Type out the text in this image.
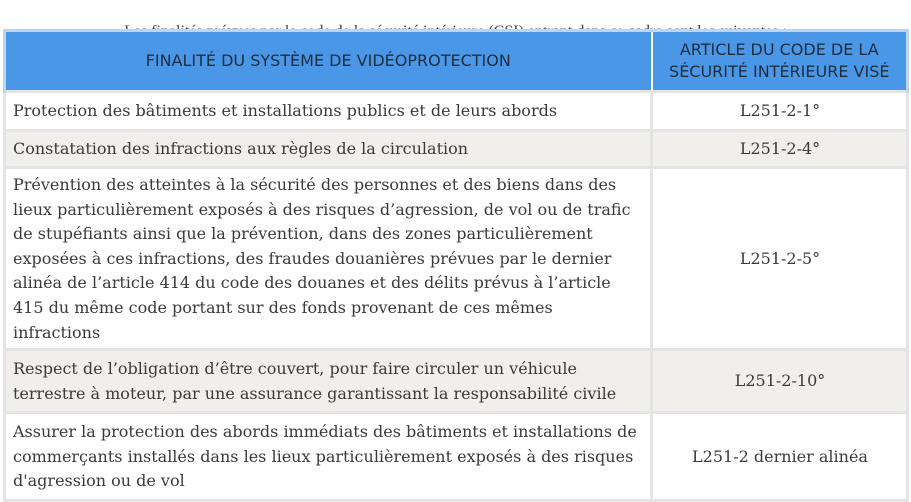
FINALITÉ DU SYSTÈME DE VIDÉOPROTECTION	ARTICLE DU CODE DE LA SÉCURITÉ INTÉRIEURE VISÉ
Protection des bâtiments et installations publics et de leurs abords	L251-2-1°
Constatation des infractions aux règles de la circulation	L251-2-4°
Prévention des atteintes à la sécurité des personnes et des biens dans des lieux particulièrement exposés à des risques d’agression, de vol ou de trafic de stupéfiants ainsi que la prévention, dans des zones particulièrement exposées à ces infractions, des fraudes douanières prévues par le dernier alinéa de l’article 414 du code des douanes et des délits prévus à l’article 415 du même code portant sur des fonds provenant de ces mêmes infractions	L251-2-5°
Respect de l’obligation d’être couvert, pour faire circuler un véhicule terrestre à moteur, par une assurance garantissant la responsabilité civile	L251-2-10°
Assurer la protection des abords immédiats des bâtiments et installations de commerçants installés dans les lieux particulièrement exposés à des risques d'agression ou de vol	L251-2 dernier alinéa
